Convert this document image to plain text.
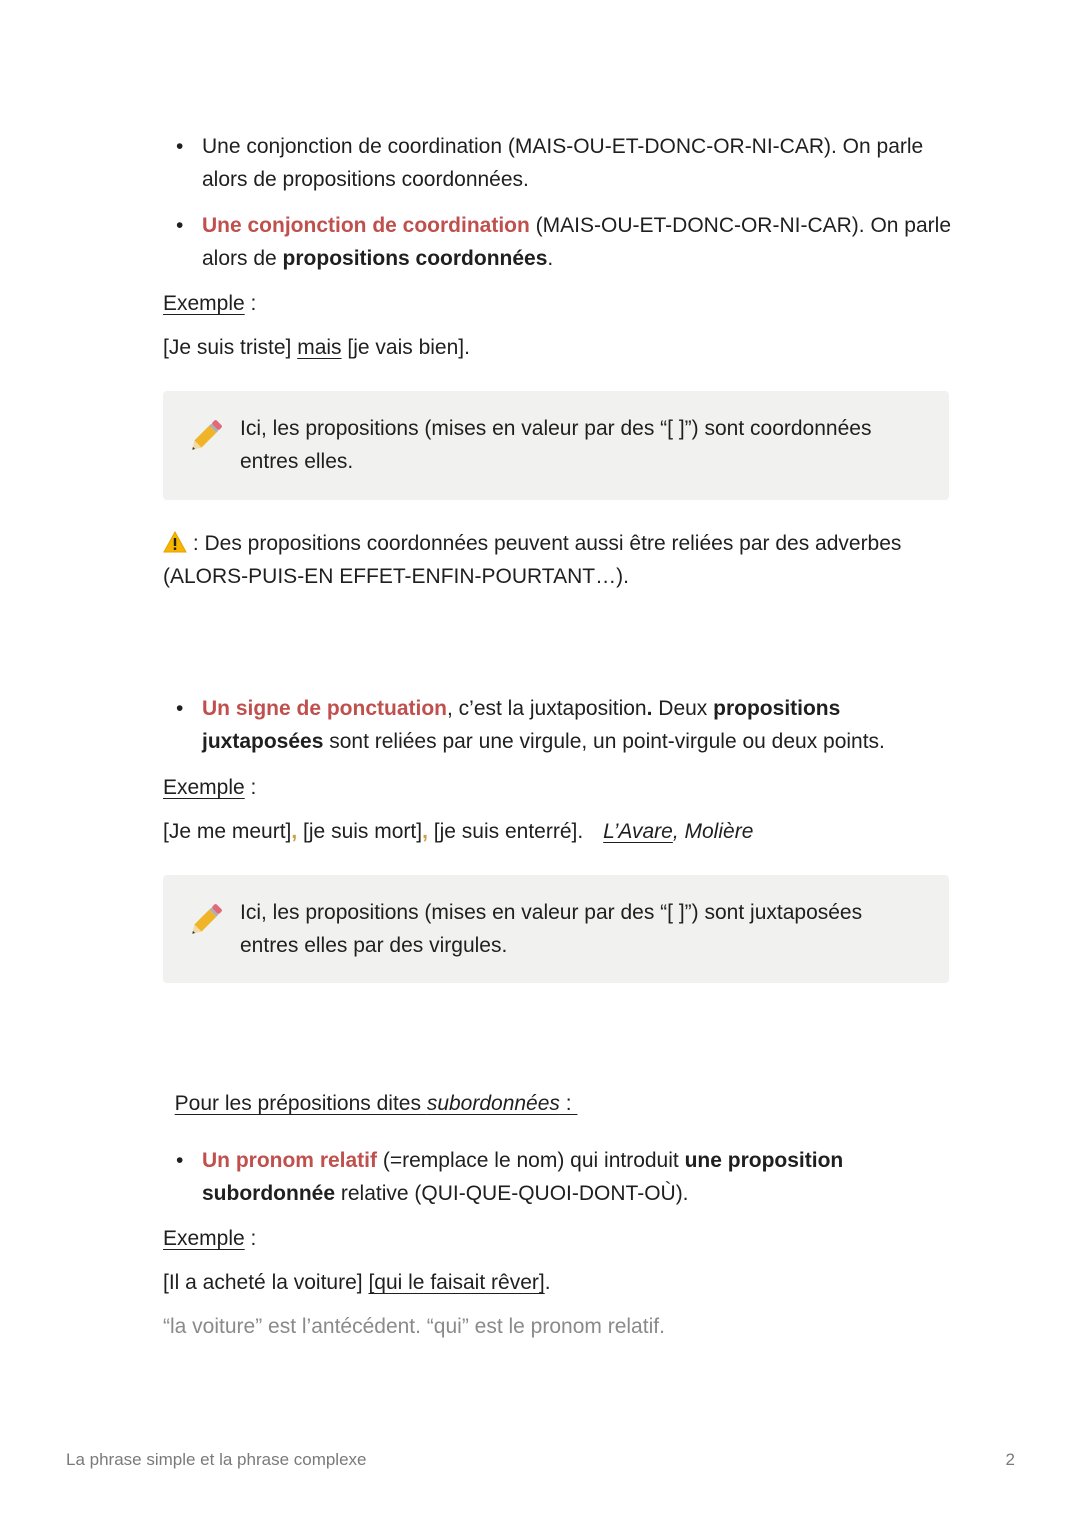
• Une conjonction de coordination (MAIS-OU-ET-DONC-OR-NI-CAR). On parle alors de propositions coordonnées.
• Une conjonction de coordination (MAIS-OU-ET-DONC-OR-NI-CAR). On parle alors de propositions coordonnées.
Exemple :
[Je suis triste] mais [je vais bien].
Ici, les propositions (mises en valeur par des “[ ]”) sont coordonnées entres elles.
: Des propositions coordonnées peuvent aussi être reliées par des adverbes (ALORS-PUIS-EN EFFET-ENFIN-POURTANT…).
• Un signe de ponctuation, c’est la juxtaposition. Deux propositions juxtaposées sont reliées par une virgule, un point-virgule ou deux points.
Exemple :
[Je me meurt], [je suis mort], [je suis enterré]. L’Avare, Molière
Ici, les propositions (mises en valeur par des “[ ]”) sont juxtaposées entres elles par des virgules.

Pour les prépositions dites subordonnées :

• Un pronom relatif (=remplace le nom) qui introduit une proposition subordonnée relative (QUI-QUE-QUOI-DONT-OÙ).
Exemple :
[Il a acheté la voiture] [qui le faisait rêver].
“la voiture” est l’antécédent. “qui” est le pronom relatif.
La phrase simple et la phrase complexe	2
